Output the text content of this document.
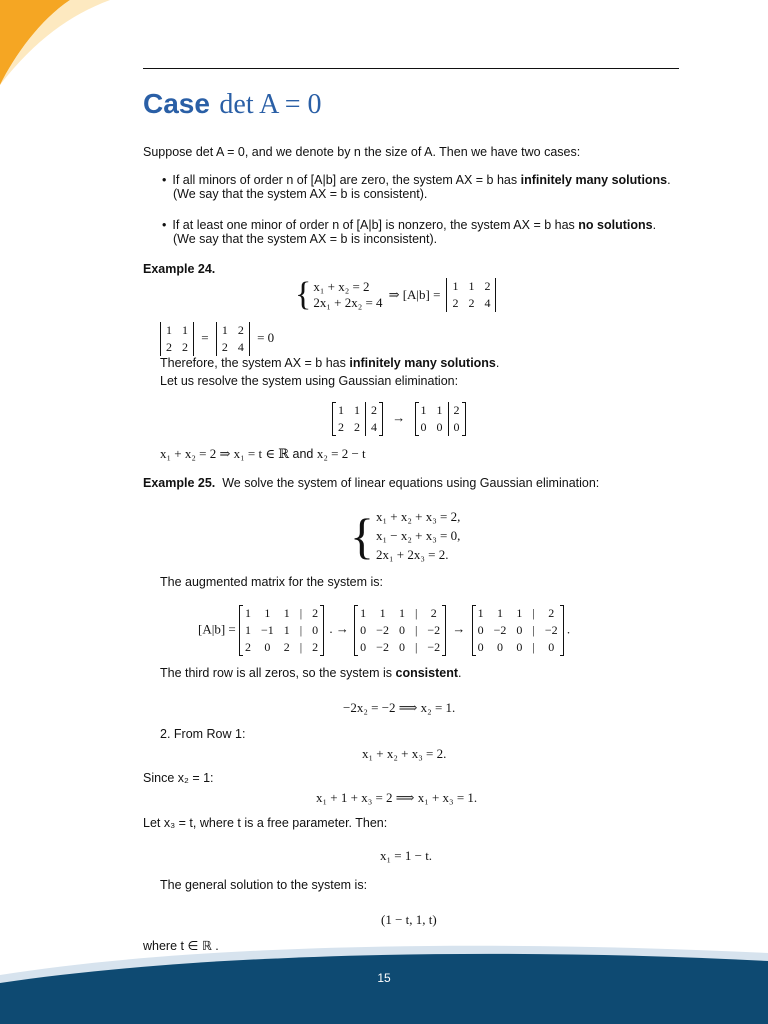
Case det A = 0
Suppose det A = 0, and we denote by n the size of A. Then we have two cases:
• If all minors of order n of [A|b] are zero, the system AX = b has infinitely many solutions.
(We say that the system AX = b is consistent).
• If at least one minor of order n of [A|b] is nonzero, the system AX = b has no solutions.
(We say that the system AX = b is inconsistent).
Example 24.
{ x₁ + x₂ = 2
2x₁ + 2x₂ = 4
⇒ [A|b] =
1	1	2
2	2	4
1	1
2	2
= 1	2
2	4
= 0
Therefore, the system AX = b has infinitely many solutions.
Let us resolve the system using Gaussian elimination:
1	1	2
2	2	4
→ 1	1	2
0	0	0
x₁ + x₂ = 2 ⇒ x₁ = t ∈ ℝ and x₂ = 2 − t
Example 25. We solve the system of linear equations using Gaussian elimination:
{ x₁ + x₂ + x₃ = 2,
x₁ − x₂ + x₃ = 0,
2x₁ + 2x₃ = 2.
The augmented matrix for the system is:
[A|b] =
1	1	1	|	2
1	−1	1	|	0
2	0	2	|	2
. →
1	1	1	|	2
0	−2	0	|	−2
0	−2	0	|	−2
→
1	1	1	|	2
0	−2	0	|	−2
0	0	0	|	0
.
The third row is all zeros, so the system is consistent.
−2x₂ = −2 ⟹ x₂ = 1.
2. From Row 1:
x₁ + x₂ + x₃ = 2.
Since x₂ = 1:
x₁ + 1 + x₃ = 2 ⟹ x₁ + x₃ = 1.
Let x₃ = t, where t is a free parameter. Then:
x₁ = 1 − t.
The general solution to the system is:
(1 − t, 1, t)
where t ∈ ℝ .
15
